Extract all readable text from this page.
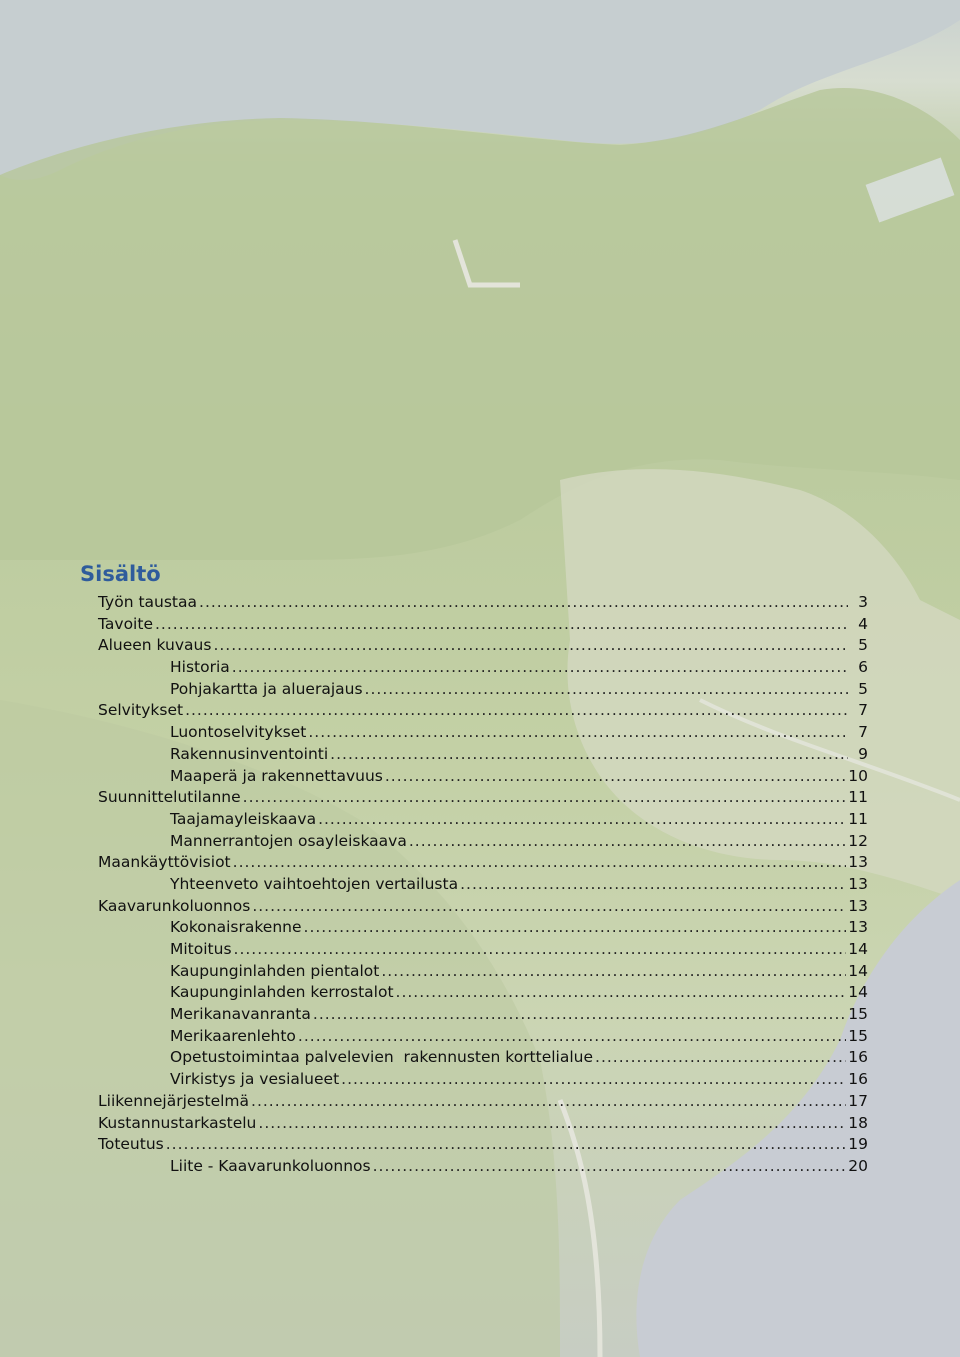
Sisältö
Työn taustaa .....	3
Tavoite .....	4
Alueen kuvaus .....	5
Historia .....	6
Pohjakartta ja aluerajaus .....	5
Selvitykset .....	7
Luontoselvitykset .....	7
Rakennusinventointi .....	9
Maaperä ja rakennettavuus .....	10
Suunnittelutilanne .....	11
Taajamayleiskaava .....	11
Mannerrantojen osayleiskaava .....	12
Maankäyttövisiot .....	13
Yhteenveto vaihtoehtojen vertailusta .....	13
Kaavarunkoluonnos .....	13
Kokonaisrakenne .....	13
Mitoitus .....	14
Kaupunginlahden pientalot .....	14
Kaupunginlahden kerrostalot .....	14
Merikanavanranta .....	15
Merikaarenlehto .....	15
Opetustoimintaa palvelevien  rakennusten korttelialue .....	16
Virkistys ja vesialueet .....	16
Liikennejärjestelmä .....	17
Kustannustarkastelu .....	18
Toteutus .....	19
Liite - Kaavarunkoluonnos .....	20
